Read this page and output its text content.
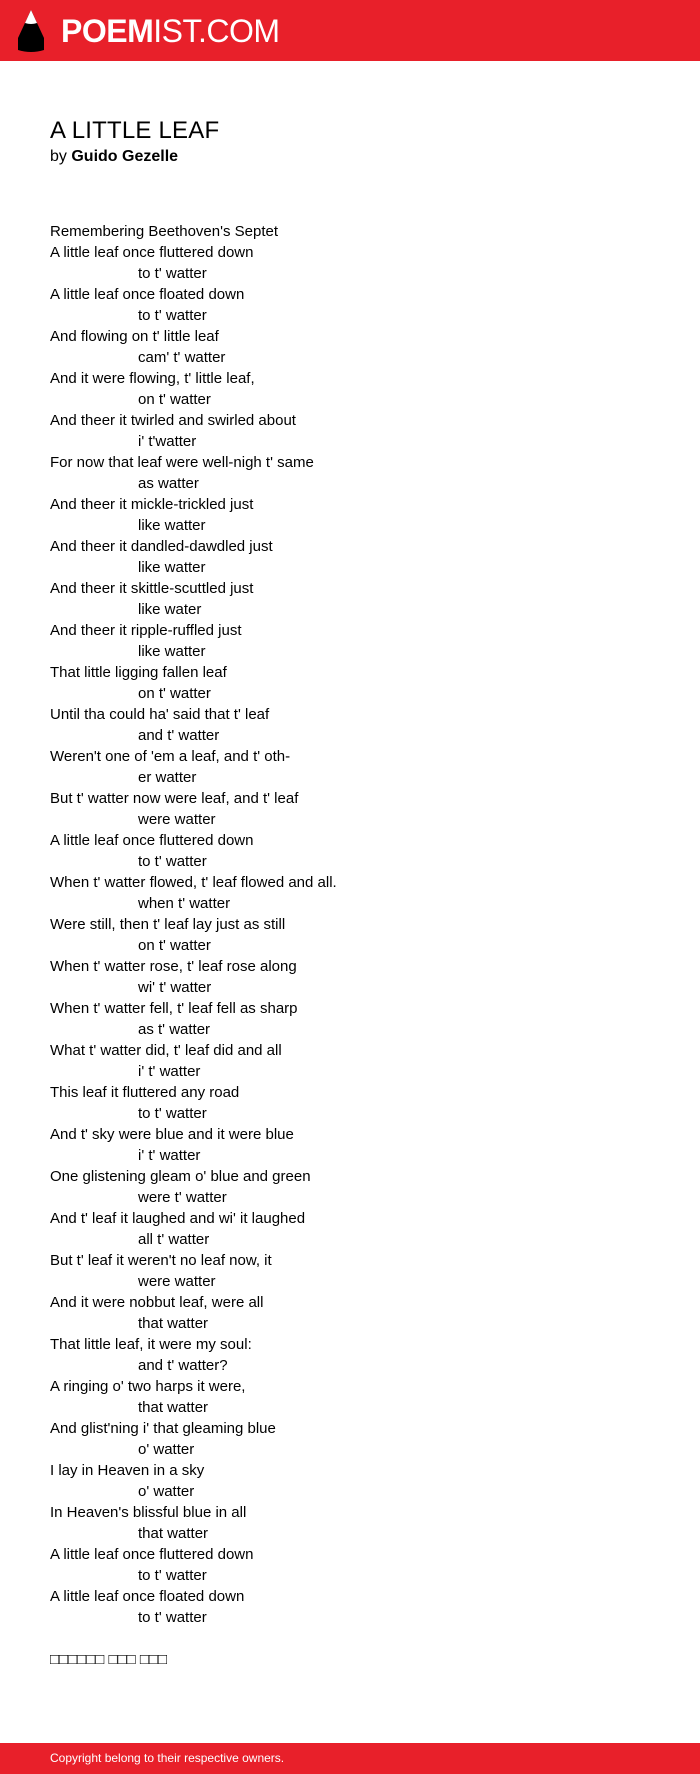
POEMIST.COM
A LITTLE LEAF
by Guido Gezelle
Remembering Beethoven's Septet
A little leaf once fluttered down
to t' watter
A little leaf once floated down
to t' watter
And flowing on t' little leaf
cam' t' watter
And it were flowing, t' little leaf,
on t' watter
And theer it twirled and swirled about
i' t'watter
For now that leaf were well-nigh t' same
as watter
And theer it mickle-trickled just
like watter
And theer it dandled-dawdled just
like watter
And theer it skittle-scuttled just
like water
And theer it ripple-ruffled just
like watter
That little ligging fallen leaf
on t' watter
Until tha could ha' said that t' leaf
and t' watter
Weren't one of 'em a leaf, and t' oth-
er watter
But t' watter now were leaf, and t' leaf
were watter
A little leaf once fluttered down
to t' watter
When t' watter flowed, t' leaf flowed and all.
when t' watter
Were still, then t' leaf lay just as still
on t' watter
When t' watter rose, t' leaf rose along
wi' t' watter
When t' watter fell, t' leaf fell as sharp
as t' watter
What t' watter did, t' leaf did and all
i' t' watter
This leaf it fluttered any road
to t' watter
And t' sky were blue and it were blue
i' t' watter
One glistening gleam o' blue and green
were t' watter
And t' leaf it laughed and wi' it laughed
all t' watter
But t' leaf it weren't no leaf now, it
were watter
And it were nobbut leaf, were all
that watter
That little leaf, it were my soul:
and t' watter?
A ringing o' two harps it were,
that watter
And glist'ning i' that gleaming blue
o' watter
I lay in Heaven in a sky
o' watter
In Heaven's blissful blue in all
that watter
A little leaf once fluttered down
to t' watter
A little leaf once floated down
to t' watter
□□□□□□ □□□ □□□
Copyright belong to their respective owners.
